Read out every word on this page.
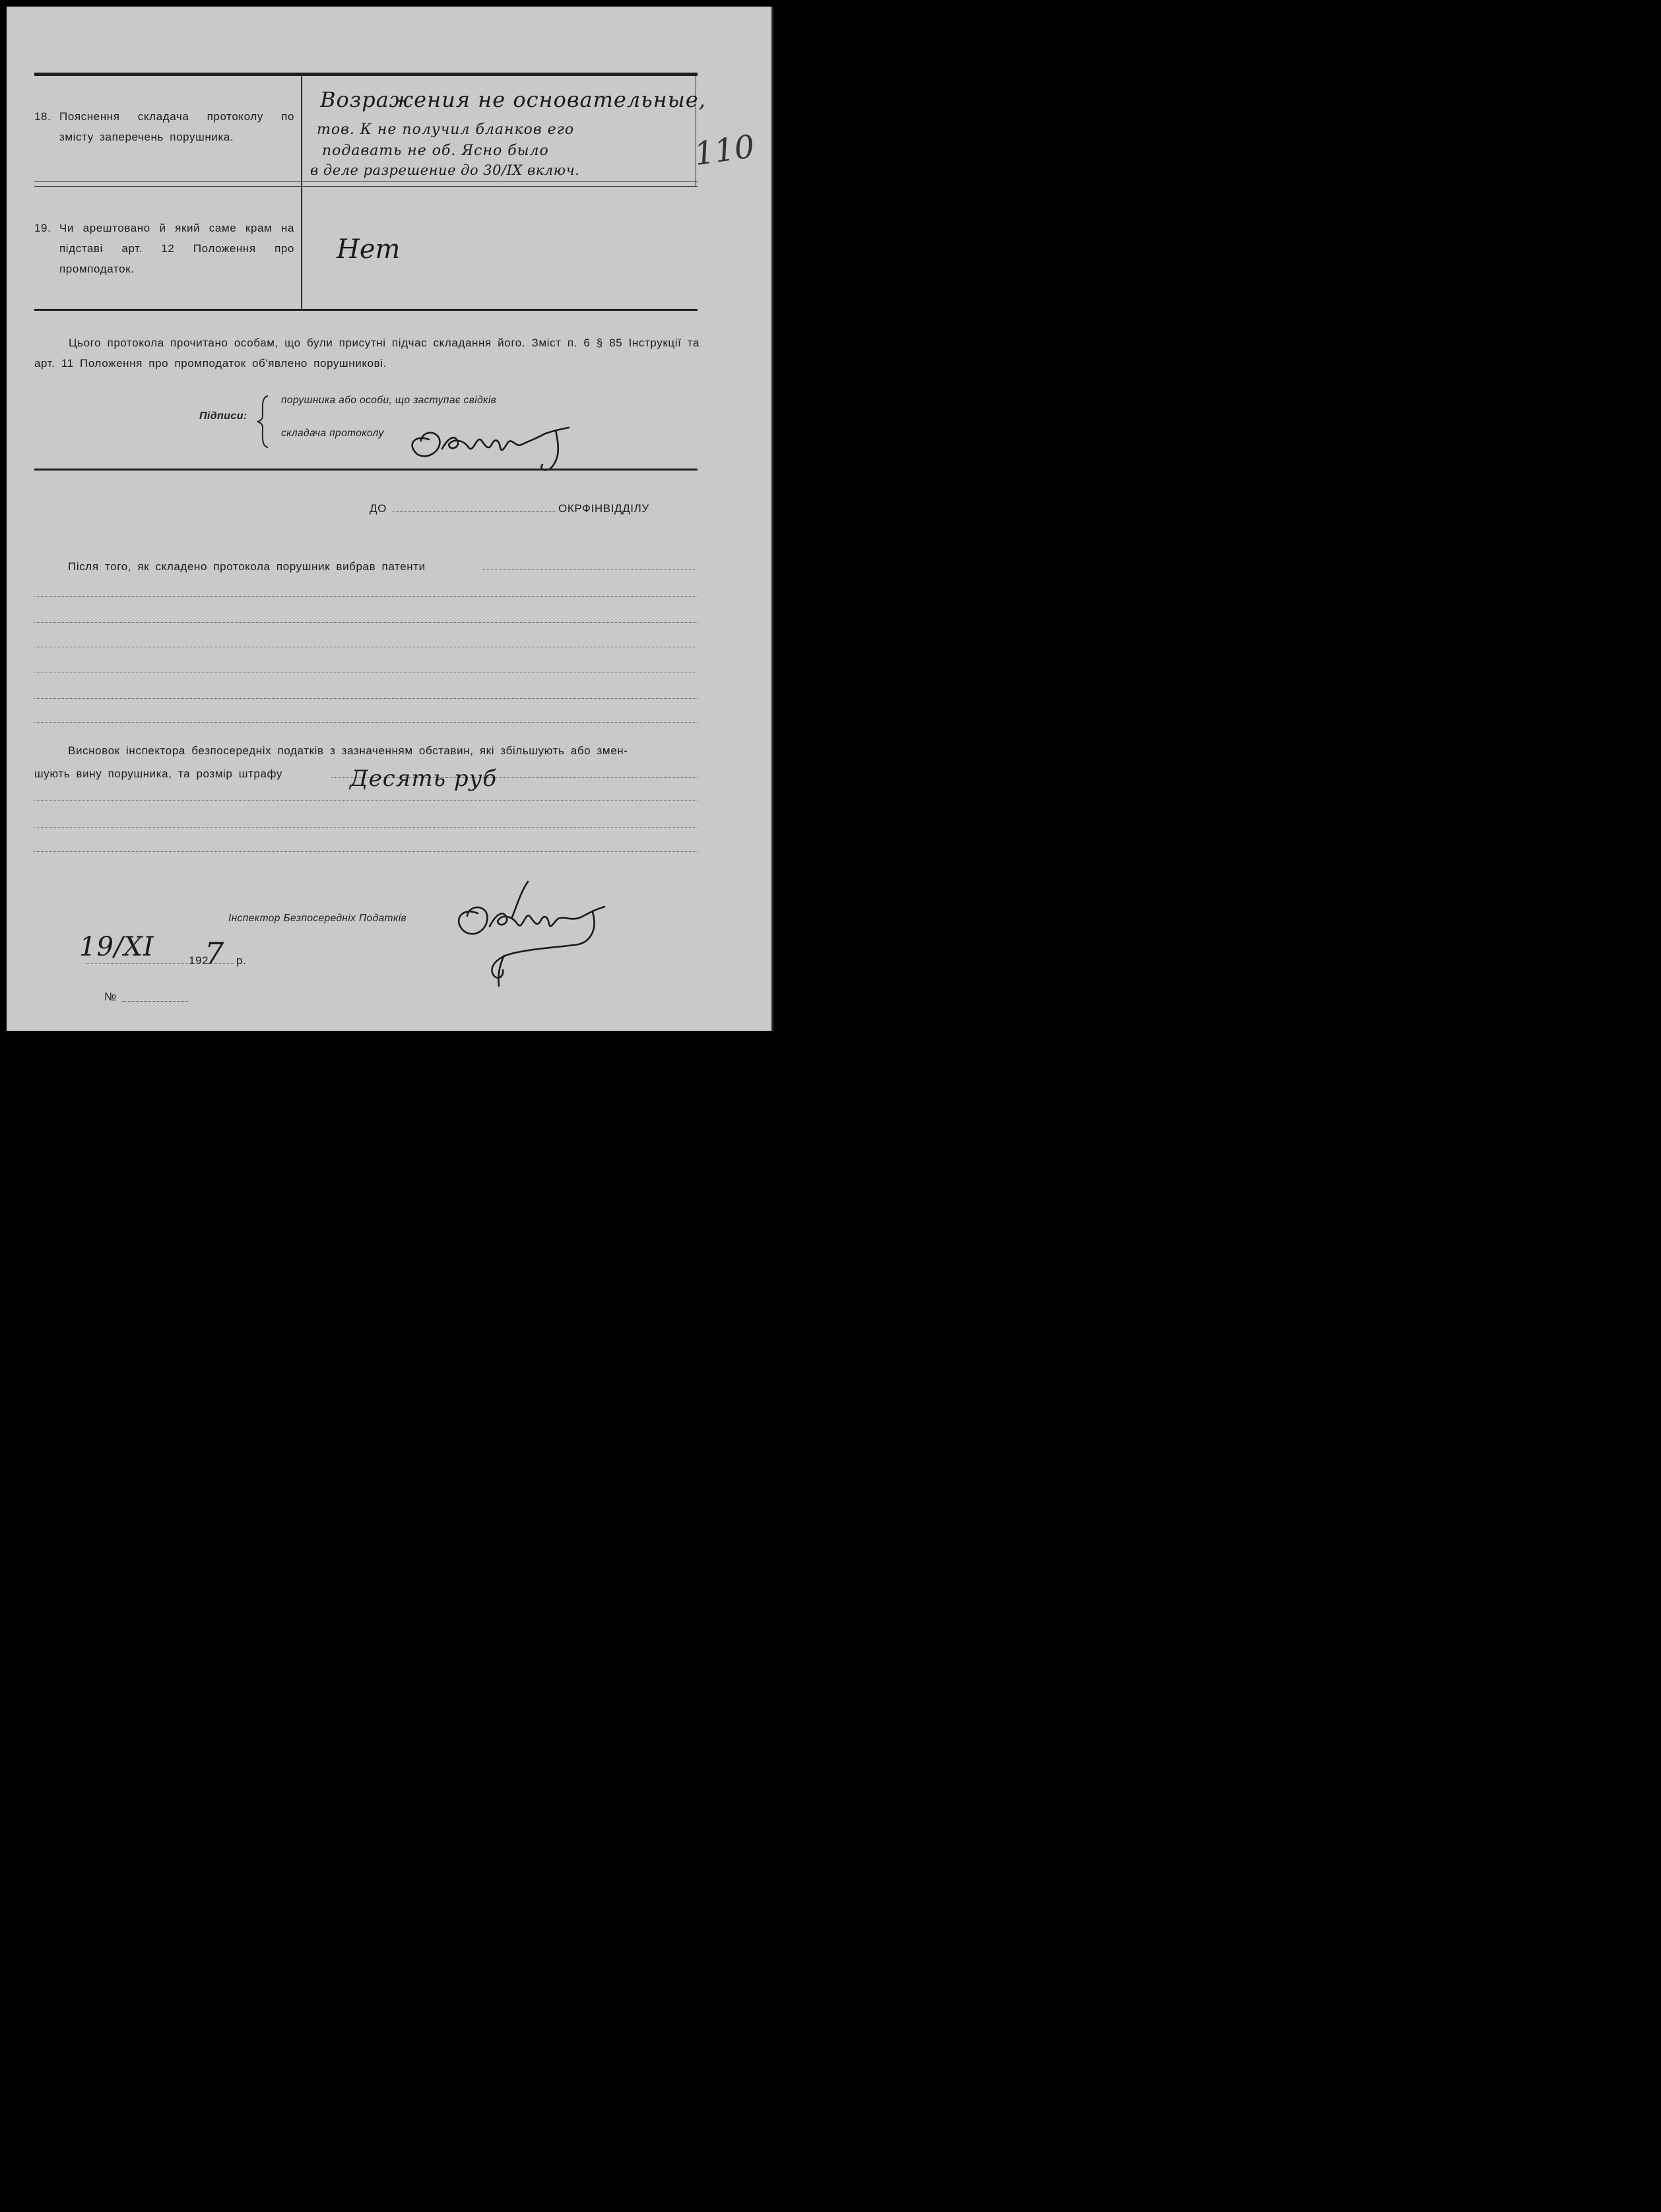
18. Пояснення складача протоколу по змісту заперечень порушника.
Возражения не основательные,
тов. К не получил бланков его
подавать не об. Ясно было
в деле разрешение до 30/IX включ.	110
19. Чи арештовано й який саме крам на підставі арт. 12 Положення про промподаток.
Нет
Цього протокола прочитано особам, що були присутні підчас складання його. Зміст п. 6 § 85 Інструкції та арт. 11 Положення про промподаток об'явлено порушникові.
Підписи:
порушника або особи, що заступає свідків
складача протоколу
ДО	ОКРФІНВІДДІЛУ
Після того, як складено протокола порушник вибрав патенти
Висновок інспектора безпосередніх податків з зазначенням обставин, які збільшують або змен-
шують вину порушника, та розмір штрафу	Десять руб
Інспектор Безпосередніх Податків
19/XI	192
7 р.
№
